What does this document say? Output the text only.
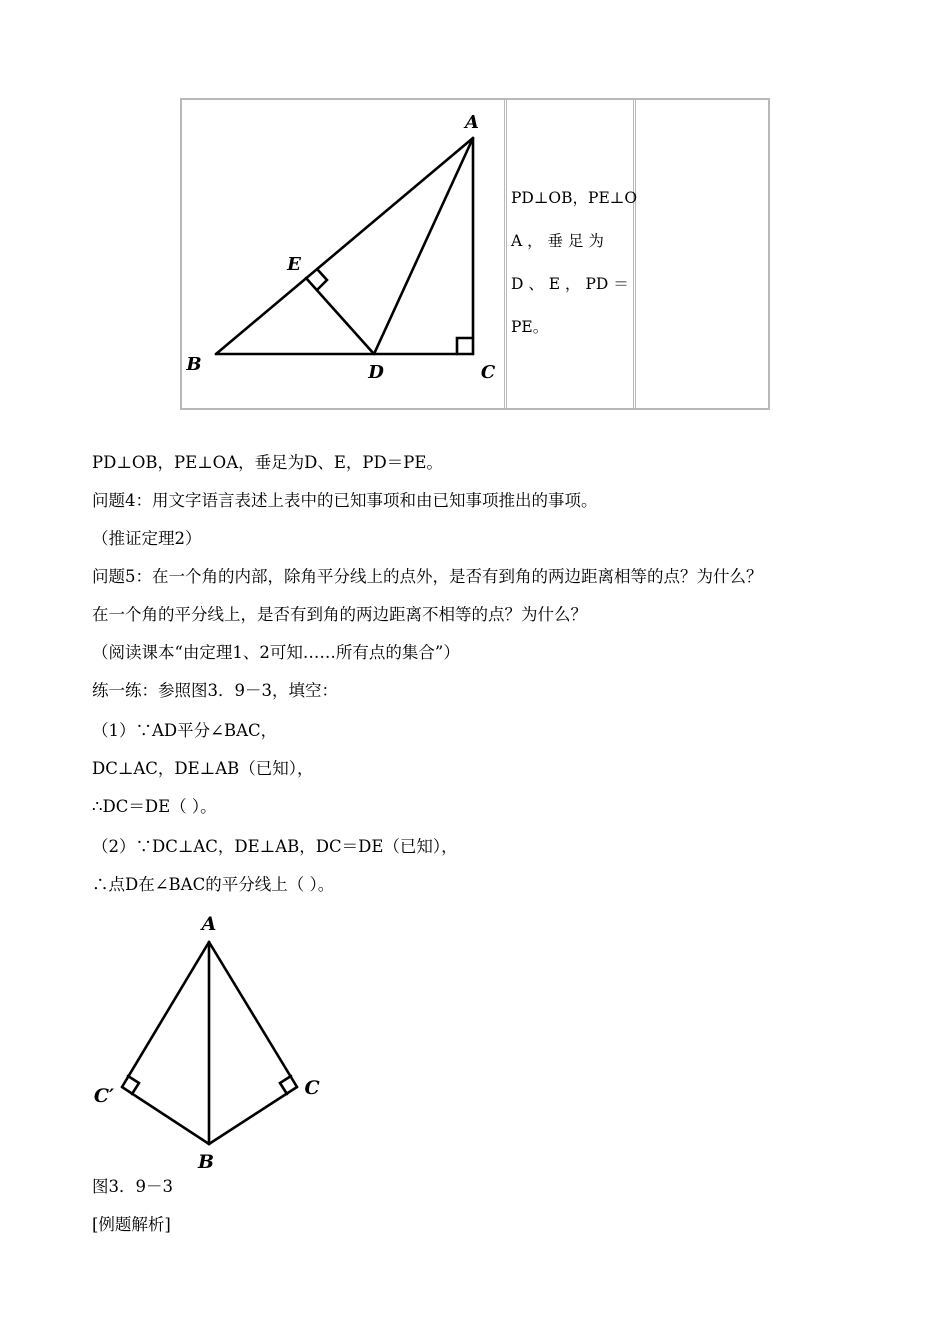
A
E
B	D	C
PD⊥OB，PE⊥O
A ， 垂 足 为
D 、 E ， PD ＝
PE。
PD⊥OB，PE⊥OA，垂足为D、E，PD＝PE。
问题4：用文字语言表述上表中的已知事项和由已知事项推出的事项。
（推证定理2）
问题5：在一个角的内部，除角平分线上的点外，是否有到角的两边距离相等的点？为什么？
在一个角的平分线上，是否有到角的两边距离不相等的点？为什么？
（阅读课本“由定理1、2可知……所有点的集合”）
练一练：参照图3．9－3，填空：
（1）∵AD平分∠BAC，
DC⊥AC，DE⊥AB（已知），
∴DC＝DE（ ）。
（2）∵DC⊥AC，DE⊥AB，DC＝DE（已知），
∴点D在∠BAC的平分线上（ ）。
A
C′	C
B
图3．9－3
[例题解析]
